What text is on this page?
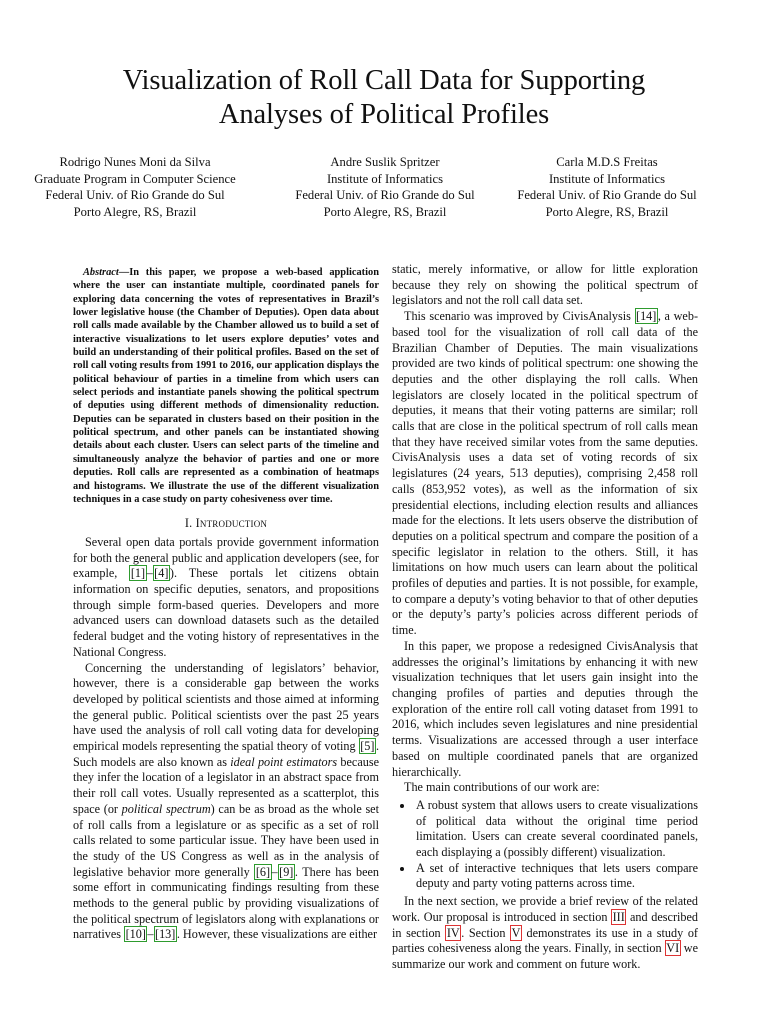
Visualization of Roll Call Data for Supporting
Analyses of Political Profiles
Rodrigo Nunes Moni da Silva
Graduate Program in Computer Science
Federal Univ. of Rio Grande do Sul
Porto Alegre, RS, Brazil
Andre Suslik Spritzer
Institute of Informatics
Federal Univ. of Rio Grande do Sul
Porto Alegre, RS, Brazil
Carla M.D.S Freitas
Institute of Informatics
Federal Univ. of Rio Grande do Sul
Porto Alegre, RS, Brazil

Abstract—In this paper, we propose a web-based application where the user can instantiate multiple, coordinated panels for exploring data concerning the votes of representatives in Brazil’s lower legislative house (the Chamber of Deputies). Open data about roll calls made available by the Chamber allowed us to build a set of interactive visualizations to let users explore deputies’ votes and build an understanding of their political profiles. Based on the set of roll call voting results from 1991 to 2016, our application displays the political behaviour of parties in a timeline from which users can select periods and instantiate panels showing the political spectrum of deputies using different methods of dimensionality reduction. Deputies can be separated in clusters based on their position in the political spectrum, and other panels can be instantiated showing details about each cluster. Users can select parts of the timeline and simultaneously analyze the behavior of parties and one or more deputies. Roll calls are represented as a combination of heatmaps and histograms. We illustrate the use of the different visualization techniques in a case study on party cohesiveness over time.

I. Introduction

Several open data portals provide government information for both the general public and application developers (see, for example, [1] – [4] ). These portals let citizens obtain information on specific deputies, senators, and propositions through simple form-based queries. Developers and more advanced users can download datasets such as the detailed federal budget and the voting history of representatives in the National Congress.

Concerning the understanding of legislators’ behavior, however, there is a considerable gap between the works developed by political scientists and those aimed at informing the general public. Political scientists over the past 25 years have used the analysis of roll call voting data for developing empirical models representing the spatial theory of voting [5] . Such models are also known as ideal point estimators because they infer the location of a legislator in an abstract space from their roll call votes. Usually represented as a scatterplot, this space (or political spectrum) can be as broad as the whole set of roll calls from a legislature or as specific as a set of roll calls related to some particular issue. They have been used in the study of the US Congress as well as in the analysis of legislative behavior more generally [6] – [9] . There has been some effort in communicating findings resulting from these methods to the general public by providing visualizations of the political spectrum of legislators along with explanations or narratives [10] – [13] . However, these visualizations are either

static, merely informative, or allow for little exploration because they rely on showing the political spectrum of legislators and not the roll call data set.

This scenario was improved by CivisAnalysis [14] , a web-based tool for the visualization of roll call data of the Brazilian Chamber of Deputies. The main visualizations provided are two kinds of political spectrum: one showing the deputies and the other displaying the roll calls. When legislators are closely located in the political spectrum of deputies, it means that their voting patterns are similar; roll calls that are close in the political spectrum of roll calls mean that they have received similar votes from the same deputies. CivisAnalysis uses a data set of voting records of six legislatures (24 years, 513 deputies), comprising 2,458 roll calls (853,952 votes), as well as the information of six presidential elections, including election results and alliances made for the elections. It lets users observe the distribution of deputies on a political spectrum and compare the position of a specific legislator in relation to the others. Still, it has limitations on how much users can learn about the political profiles of deputies and parties. It is not possible, for example, to compare a deputy’s voting behavior to that of other deputies or the deputy’s party’s policies across different periods of time.

In this paper, we propose a redesigned CivisAnalysis that addresses the original’s limitations by enhancing it with new visualization techniques that let users gain insight into the changing profiles of parties and deputies through the exploration of the entire roll call voting dataset from 1991 to 2016, which includes seven legislatures and nine presidential terms. Visualizations are accessed through a user interface based on multiple coordinated panels that are organized hierarchically.

The main contributions of our work are:

• A robust system that allows users to create visualizations of political data without the original time period limitation. Users can create several coordinated panels, each displaying a (possibly different) visualization.
• A set of interactive techniques that lets users compare deputy and party voting patterns across time.

In the next section, we provide a brief review of the related work. Our proposal is introduced in section III and described in section IV . Section V demonstrates its use in a study of parties cohesiveness along the years. Finally, in section VI we summarize our work and comment on future work.
